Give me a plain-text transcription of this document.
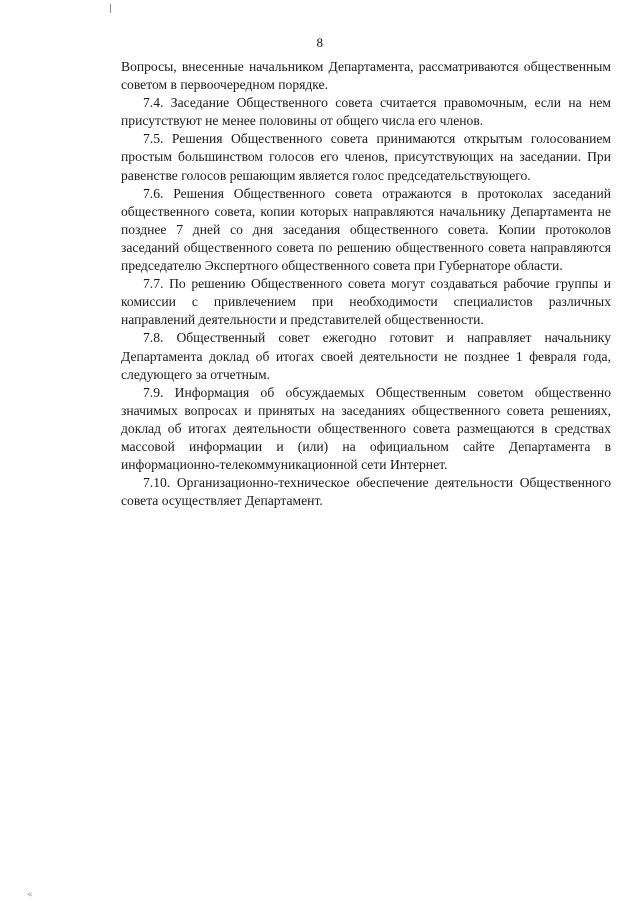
8

Вопросы, внесенные начальником Департамента, рассматриваются общественным советом в первоочередном порядке.

7.4. Заседание Общественного совета считается правомочным, если на нем присутствуют не менее половины от общего числа его членов.

7.5. Решения Общественного совета принимаются открытым голосованием простым большинством голосов его членов, присутствующих на заседании. При равенстве голосов решающим является голос председательствующего.

7.6. Решения Общественного совета отражаются в протоколах заседаний общественного совета, копии которых направляются начальнику Департамента не позднее 7 дней со дня заседания общественного совета. Копии протоколов заседаний общественного совета по решению общественного совета направляются председателю Экспертного общественного совета при Губернаторе области.

7.7. По решению Общественного совета могут создаваться рабочие группы и комиссии с привлечением при необходимости специалистов различных направлений деятельности и представителей общественности.

7.8. Общественный совет ежегодно готовит и направляет начальнику Департамента доклад об итогах своей деятельности не позднее 1 февраля года, следующего за отчетным.

7.9. Информация об обсуждаемых Общественным советом общественно значимых вопросах и принятых на заседаниях общественного совета решениях, доклад об итогах деятельности общественного совета размещаются в средствах массовой информации и (или) на официальном сайте Департамента в информационно-телекоммуникационной сети Интернет.

7.10. Организационно-техническое обеспечение деятельности Общественного совета осуществляет Департамент.

«
